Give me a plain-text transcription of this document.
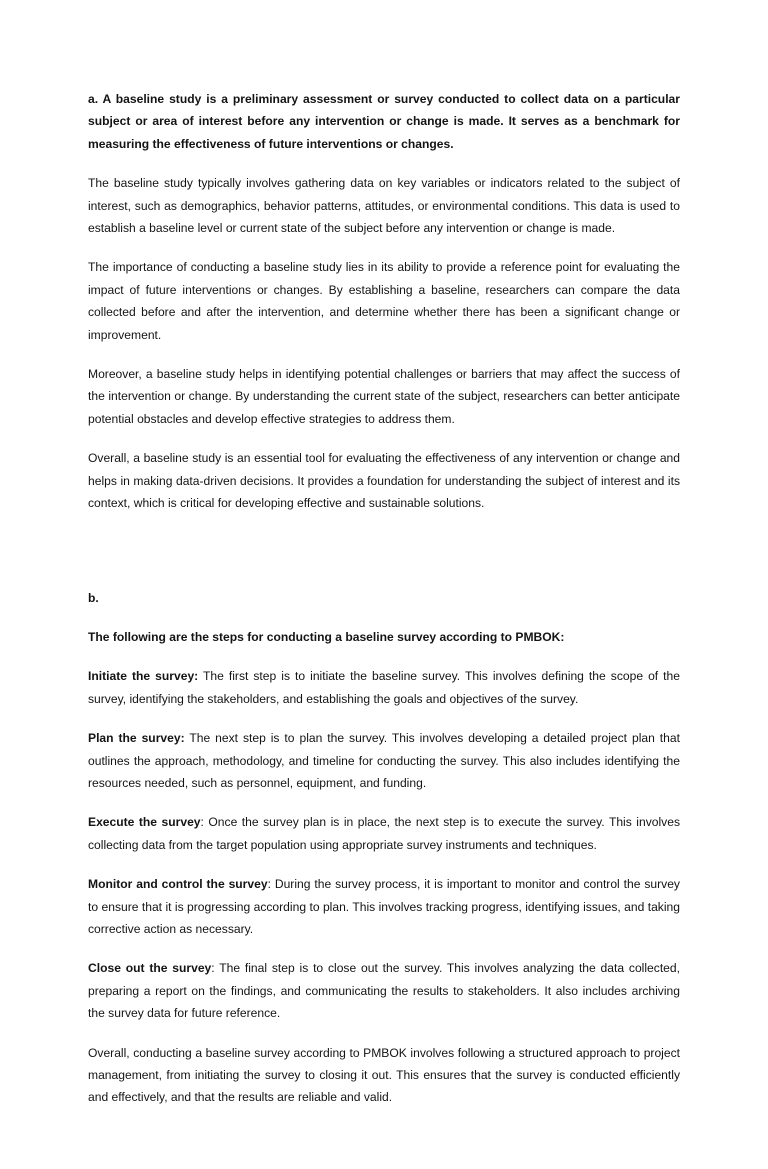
a. A baseline study is a preliminary assessment or survey conducted to collect data on a particular subject or area of interest before any intervention or change is made. It serves as a benchmark for measuring the effectiveness of future interventions or changes.

The baseline study typically involves gathering data on key variables or indicators related to the subject of interest, such as demographics, behavior patterns, attitudes, or environmental conditions. This data is used to establish a baseline level or current state of the subject before any intervention or change is made.

The importance of conducting a baseline study lies in its ability to provide a reference point for evaluating the impact of future interventions or changes. By establishing a baseline, researchers can compare the data collected before and after the intervention, and determine whether there has been a significant change or improvement.

Moreover, a baseline study helps in identifying potential challenges or barriers that may affect the success of the intervention or change. By understanding the current state of the subject, researchers can better anticipate potential obstacles and develop effective strategies to address them.

Overall, a baseline study is an essential tool for evaluating the effectiveness of any intervention or change and helps in making data-driven decisions. It provides a foundation for understanding the subject of interest and its context, which is critical for developing effective and sustainable solutions.

b.

The following are the steps for conducting a baseline survey according to PMBOK:

Initiate the survey: The first step is to initiate the baseline survey. This involves defining the scope of the survey, identifying the stakeholders, and establishing the goals and objectives of the survey.

Plan the survey: The next step is to plan the survey. This involves developing a detailed project plan that outlines the approach, methodology, and timeline for conducting the survey. This also includes identifying the resources needed, such as personnel, equipment, and funding.

Execute the survey: Once the survey plan is in place, the next step is to execute the survey. This involves collecting data from the target population using appropriate survey instruments and techniques.

Monitor and control the survey: During the survey process, it is important to monitor and control the survey to ensure that it is progressing according to plan. This involves tracking progress, identifying issues, and taking corrective action as necessary.

Close out the survey: The final step is to close out the survey. This involves analyzing the data collected, preparing a report on the findings, and communicating the results to stakeholders. It also includes archiving the survey data for future reference.

Overall, conducting a baseline survey according to PMBOK involves following a structured approach to project management, from initiating the survey to closing it out. This ensures that the survey is conducted efficiently and effectively, and that the results are reliable and valid.
